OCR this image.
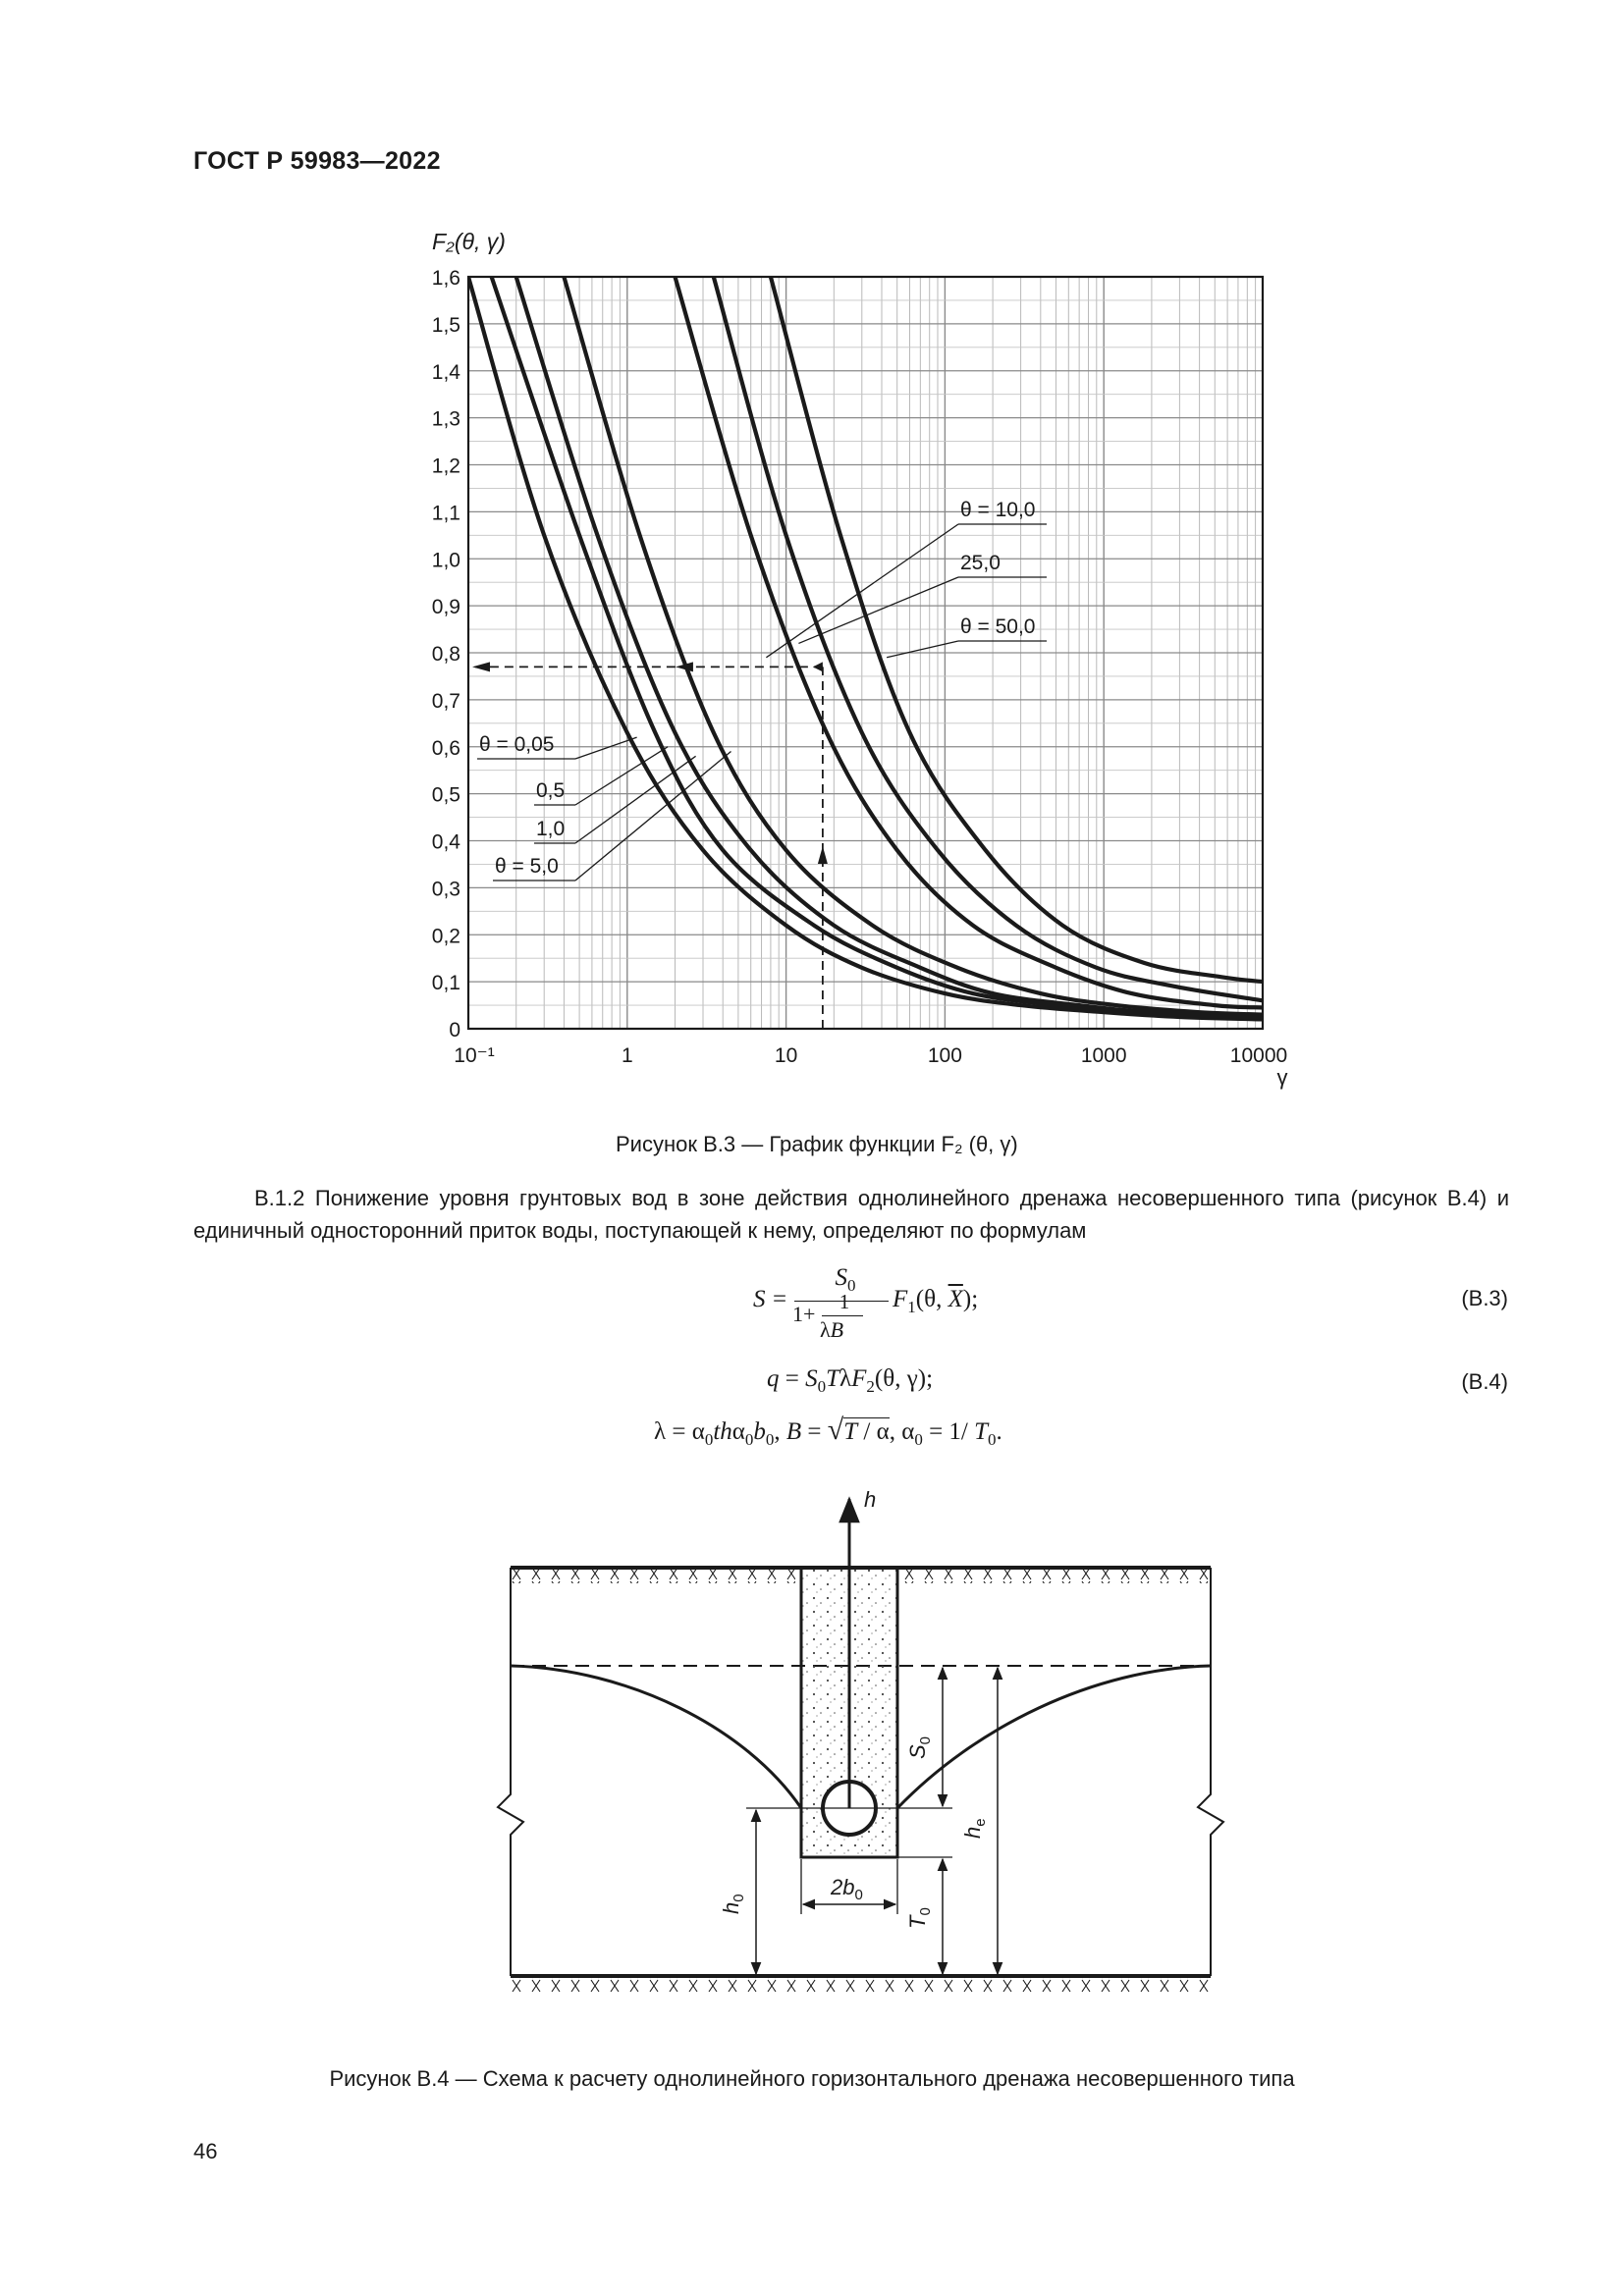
ГОСТ Р 59983—2022
0
0,1
0,2
0,3
0,4
0,5
0,6
0,7
0,8
0,9
1,0
1,1
1,2
1,3
1,4
1,5
1,6
10⁻¹	1	10	100	1000	10000
θ = 0,05
0,5
1,0
θ = 5,0
θ = 10,0
25,0
θ = 50,0
F₂(θ, γ)
γ
Рисунок В.3 — График функции F₂ (θ, γ)
В.1.2 Понижение уровня грунтовых вод в зоне действия однолинейного дренажа несовершенного типа (рисунок В.4) и единичный односторонний приток воды, поступающей к нему, определяют по формулам
S =
$S_0$
1+	1
λB
$F_1(\theta$, $\overline{X}$);	(В.3)
$q = S_0T\lambda F_2(\theta$, γ);	(В.4)
$\lambda = \alpha_0th\alpha_0b_0$, B = √T / α, $\alpha_0 = 1/$ $T_0$.
h
$S_0$
$T_0$
$h_e$
$h_0$	$2b_0$
Рисунок В.4 — Схема к расчету однолинейного горизонтального дренажа несовершенного типа
46
